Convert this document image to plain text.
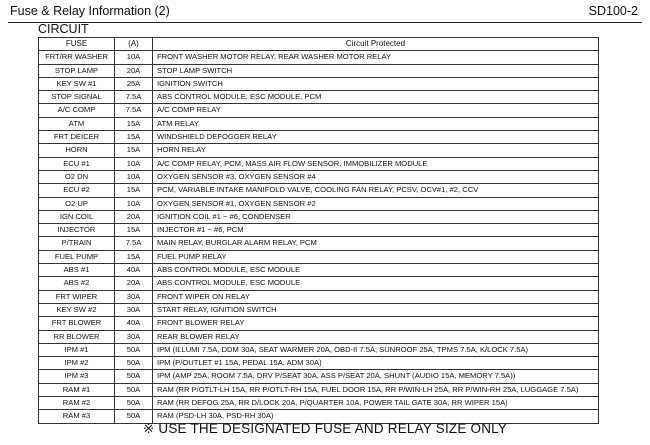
Fuse & Relay Information (2)	SD100-2
CIRCUIT
FUSE	(A)	Circuit Protected
FRT/RR WASHER	10A	FRONT WASHER MOTOR RELAY, REAR WASHER MOTOR RELAY
STOP LAMP	20A	STOP LAMP SWITCH
KEY SW #1	25A	IGNITION SWITCH
STOP SIGNAL	7.5A	ABS CONTROL MODULE, ESC MODULE, PCM
A/C COMP	7.5A	A/C COMP RELAY
ATM	15A	ATM RELAY
FRT DEICER	15A	WINDSHIELD DEFOGGER RELAY
HORN	15A	HORN RELAY
ECU #1	10A	A/C COMP RELAY, PCM, MASS AIR FLOW SENSOR, IMMOBILIZER MODULE
O2 DN	10A	OXYGEN SENSOR #3, OXYGEN SENSOR #4
ECU #2	15A	PCM, VARIABLE INTAKE MANIFOLD VALVE, COOLING FAN RELAY, PCSV, OCV#1, #2, CCV
O2 UP	10A	OXYGEN SENSOR #1, OXYGEN SENSOR #2
IGN COIL	20A	IGNITION COIL #1 ~ #6, CONDENSER
INJECTOR	15A	INJECTOR #1 ~ #6, PCM
P/TRAIN	7.5A	MAIN RELAY, BURGLAR ALARM RELAY, PCM
FUEL PUMP	15A	FUEL PUMP RELAY
ABS #1	40A	ABS CONTROL MODULE, ESC MODULE
ABS #2	20A	ABS CONTROL MODULE, ESC MODULE
FRT WIPER	30A	FRONT WIPER ON RELAY
KEY SW #2	30A	START RELAY, IGNITION SWITCH
FRT BLOWER	40A	FRONT BLOWER RELAY
RR BLOWER	30A	REAR BLOWER RELAY
IPM #1	50A	IPM (ILLUMI 7.5A, DDM 30A, SEAT WARMER 20A, OBD-II 7.5A, SUNROOF 25A, TPMS 7.5A, K/LOCK 7.5A)
IPM #2	50A	IPM (P/OUTLET #1 15A, PEDAL 15A, ADM 30A)
IPM #3	50A	IPM (AMP 25A, ROOM 7.5A, DRV P/SEAT 30A, ASS P/SEAT 20A, SHUNT (AUDIO 15A, MEMORY 7.5A))
RAM #1	50A	RAM (RR P/OTLT-LH 15A, RR P/OTLT-RH 15A, FUEL DOOR 15A, RR P/WIN-LH 25A, RR P/WIN-RH 25A, LUGGAGE 7.5A)
RAM #2	50A	RAM (RR DEFOG 25A, RR D/LOCK 20A, P/QUARTER 10A, POWER TAIL GATE 30A, RR WIPER 15A)
RAM #3	50A	RAM (PSD-LH 30A, PSD-RH 30A)
※ USE THE DESIGNATED FUSE AND RELAY SIZE ONLY
